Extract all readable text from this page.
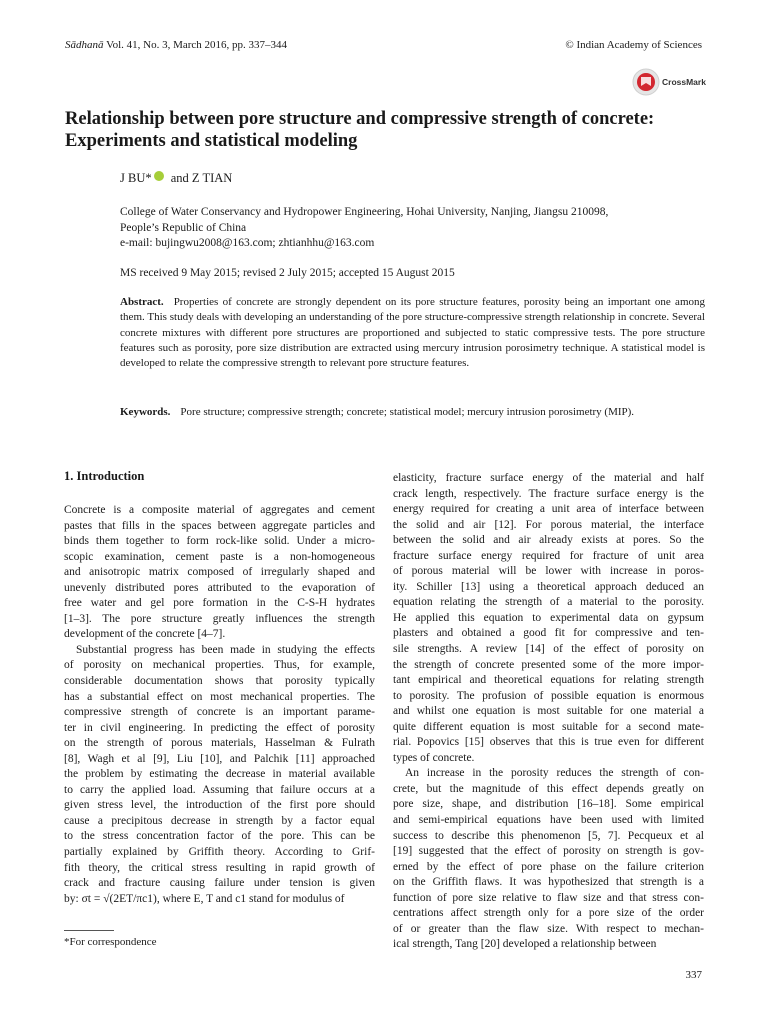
Sādhanā Vol. 41, No. 3, March 2016, pp. 337–344	© Indian Academy of Sciences
CrossMark
Relationship between pore structure and compressive strength of concrete: Experiments and statistical modeling
J BU* and Z TIAN
College of Water Conservancy and Hydropower Engineering, Hohai University, Nanjing, Jiangsu 210098,
People’s Republic of China
e-mail: bujingwu2008@163.com; zhtianhhu@163.com
MS received 9 May 2015; revised 2 July 2015; accepted 15 August 2015
Abstract. Properties of concrete are strongly dependent on its pore structure features, porosity being an important one among them. This study deals with developing an understanding of the pore structure-compressive strength relationship in concrete. Several concrete mixtures with different pore structures are proportioned and subjected to static compressive tests. The pore structure features such as porosity, pore size distribution are extracted using mercury intrusion porosimetry technique. A statistical model is developed to relate the compressive strength to relevant pore structure features.
Keywords. Pore structure; compressive strength; concrete; statistical model; mercury intrusion porosimetry (MIP).
1. Introduction
Concrete is a composite material of aggregates and cement
pastes that fills in the spaces between aggregate particles and
binds them together to form rock-like solid. Under a micro-
scopic examination, cement paste is a non-homogeneous
and anisotropic matrix composed of irregularly shaped and
unevenly distributed pores attributed to the evaporation of
free water and gel pore formation in the C-S-H hydrates
[1–3]. The pore structure greatly influences the strength
development of the concrete [4–7].
Substantial progress has been made in studying the effects
of porosity on mechanical properties. Thus, for example,
considerable documentation shows that porosity typically
has a substantial effect on most mechanical properties. The
compressive strength of concrete is an important parame-
ter in civil engineering. In predicting the effect of porosity
on the strength of porous materials, Hasselman & Fulrath
[8], Wagh et al [9], Liu [10], and Palchik [11] approached
the problem by estimating the decrease in material available
to carry the applied load. Assuming that failure occurs at a
given stress level, the introduction of the first pore should
cause a precipitous decrease in strength by a factor equal
to the stress concentration factor of the pore. This can be
partially explained by Griffith theory. According to Grif-
fith theory, the critical stress resulting in rapid growth of
crack and fracture causing failure under tension is given
by: σt = √(2ET/πc1), where E, T and c1 stand for modulus of
elasticity, fracture surface energy of the material and half
crack length, respectively. The fracture surface energy is the
energy required for creating a unit area of interface between
the solid and air [12]. For porous material, the interface
between the solid and air already exists at pores. So the
fracture surface energy required for fracture of unit area
of porous material will be lower with increase in poros-
ity. Schiller [13] using a theoretical approach deduced an
equation relating the strength of a material to the porosity.
He applied this equation to experimental data on gypsum
plasters and obtained a good fit for compressive and ten-
sile strengths. A review [14] of the effect of porosity on
the strength of concrete presented some of the more impor-
tant empirical and theoretical equations for relating strength
to porosity. The profusion of possible equation is enormous
and whilst one equation is most suitable for one material a
quite different equation is most suitable for a second mate-
rial. Popovics [15] observes that this is true even for different
types of concrete.
An increase in the porosity reduces the strength of con-
crete, but the magnitude of this effect depends greatly on
pore size, shape, and distribution [16–18]. Some empirical
and semi-empirical equations have been used with limited
success to describe this phenomenon [5, 7]. Pecqueux et al
[19] suggested that the effect of porosity on strength is gov-
erned by the effect of pore phase on the failure criterion
on the Griffith flaws. It was hypothesized that strength is a
function of pore size relative to flaw size and that stress con-
centrations affect strength only for a pore size of the order
of or greater than the flaw size. With respect to mechan-
ical strength, Tang [20] developed a relationship between
*For correspondence
337
